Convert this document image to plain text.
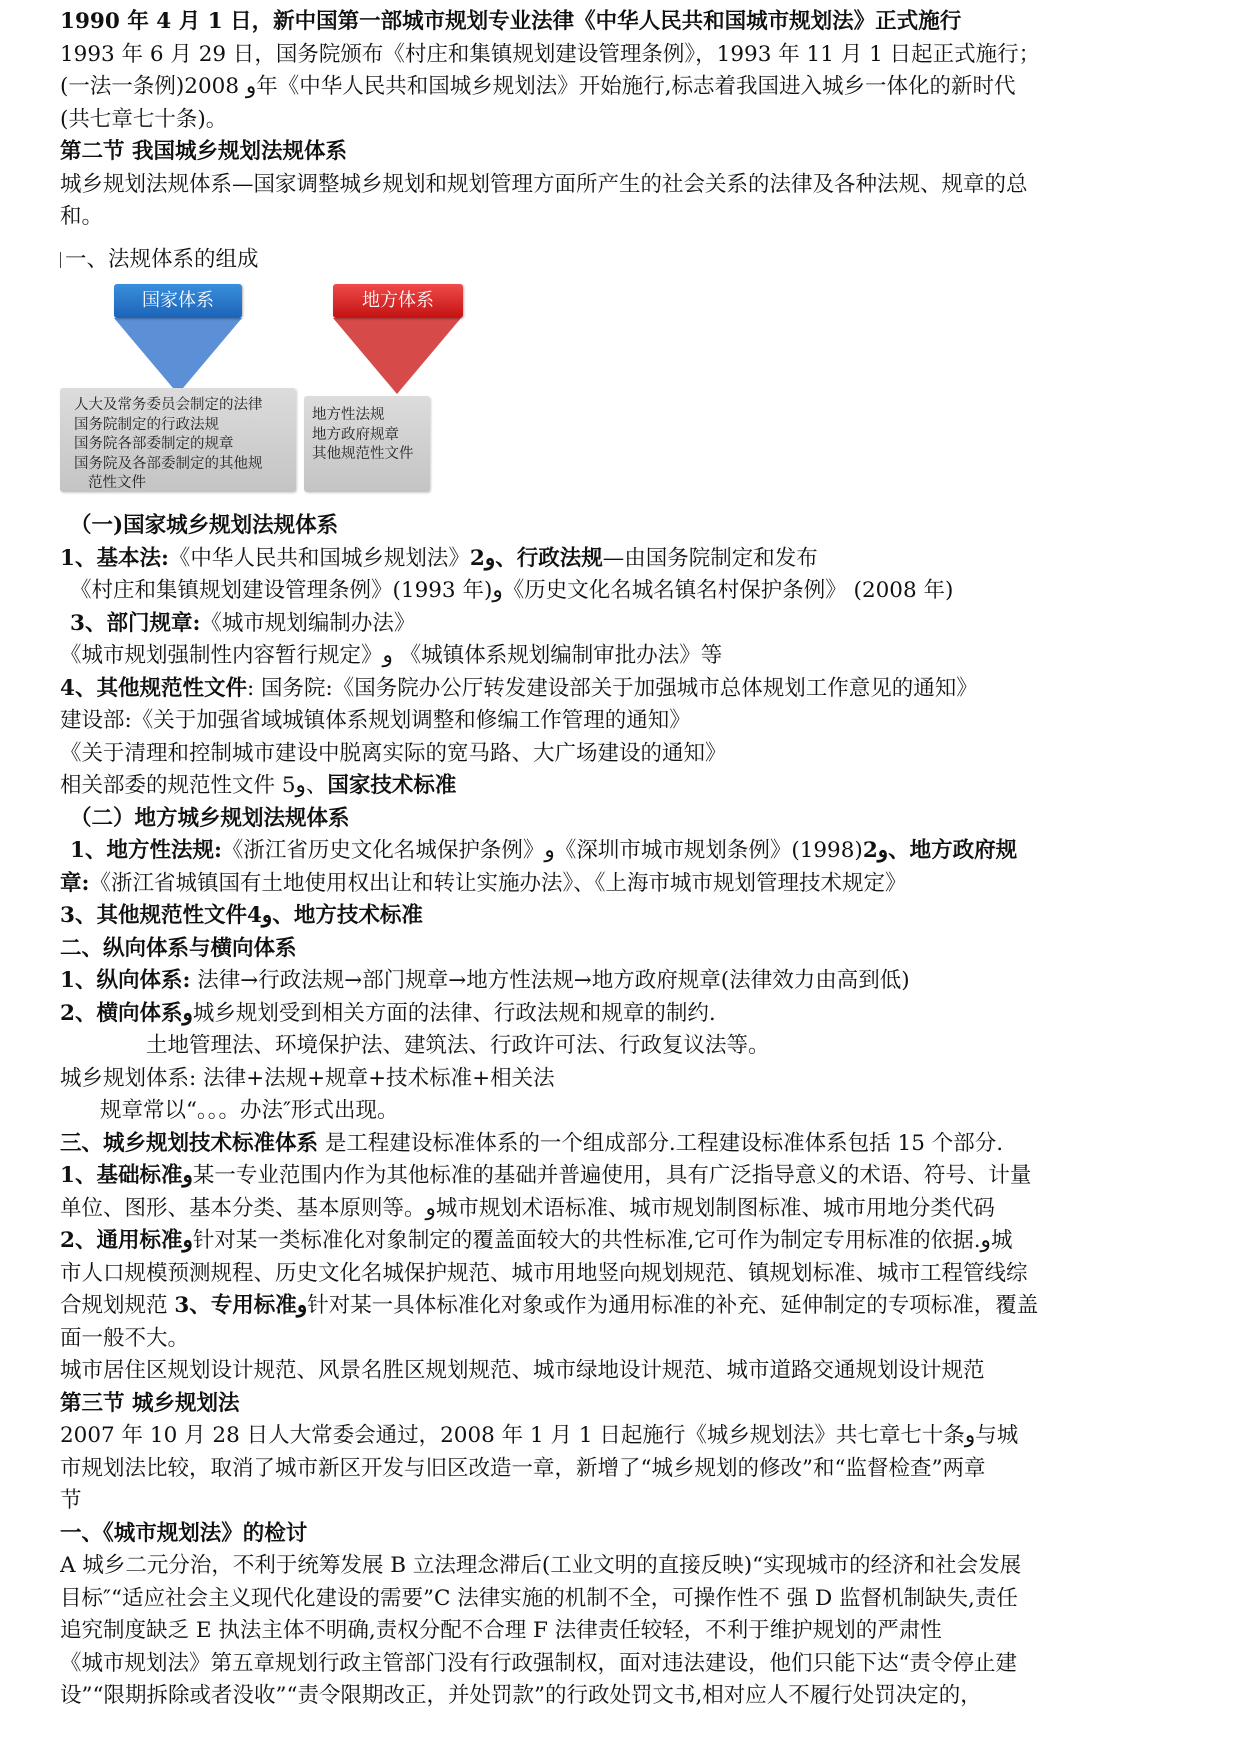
1990 年 4 月 1 日，新中国第一部城市规划专业法律《中华人民共和国城市规划法》正式施行
1993 年 6 月 29 日，国务院颁布《村庄和集镇规划建设管理条例》，1993 年 11 月 1 日起正式施行；
(一法一条例)2008 ﻭ年《中华人民共和国城乡规划法》开始施行,标志着我国进入城乡一体化的新时代
(共七章七十条)。
第二节 我国城乡规划法规体系
城乡规划法规体系—国家调整城乡规划和规划管理方面所产生的社会关系的法律及各种法规、规章的总
和。
一、法规体系的组成
国家体系	地方体系
人大及常务委员会制定的法律
国务院制定的行政法规
国务院各部委制定的规章
国务院及各部委制定的其他规
范性文件
地方性法规
地方政府规章
其他规范性文件
（一)国家城乡规划法规体系
1、基本法:《中华人民共和国城乡规划法》2ﻭ、行政法规—由国务院制定和发布
《村庄和集镇规划建设管理条例》(1993 年)ﻭ《历史文化名城名镇名村保护条例》 (2008 年)
3、部门规章:《城市规划编制办法》
《城市规划强制性内容暂行规定》ﻭ 《城镇体系规划编制审批办法》等
4、其他规范性文件: 国务院:《国务院办公厅转发建设部关于加强城市总体规划工作意见的通知》
建设部:《关于加强省域城镇体系规划调整和修编工作管理的通知》
《关于清理和控制城市建设中脱离实际的宽马路、大广场建设的通知》
相关部委的规范性文件 5ﻭ、国家技术标准
（二）地方城乡规划法规体系
1、地方性法规:《浙江省历史文化名城保护条例》ﻭ《深圳市城市规划条例》(1998)2ﻭ、地方政府规
章:《浙江省城镇国有土地使用权出让和转让实施办法》、《上海市城市规划管理技术规定》
3、其他规范性文件4ﻭ、地方技术标准
二、纵向体系与横向体系
1、纵向体系: 法律→行政法规→部门规章→地方性法规→地方政府规章(法律效力由高到低)
2、横向体系ﻭ城乡规划受到相关方面的法律、行政法规和规章的制约.
土地管理法、环境保护法、建筑法、行政许可法、行政复议法等。
城乡规划体系: 法律+法规+规章+技术标准+相关法
规章常以“。。。办法″形式出现。
三、城乡规划技术标准体系 是工程建设标准体系的一个组成部分.工程建设标准体系包括 15 个部分.
1、基础标准ﻭ某一专业范围内作为其他标准的基础并普遍使用，具有广泛指导意义的术语、符号、计量
单位、图形、基本分类、基本原则等。ﻭ城市规划术语标准、城市规划制图标准、城市用地分类代码
2、通用标准ﻭ针对某一类标准化对象制定的覆盖面较大的共性标准,它可作为制定专用标准的依据.ﻭ城
市人口规模预测规程、历史文化名城保护规范、城市用地竖向规划规范、镇规划标准、城市工程管线综
合规划规范 3、专用标准ﻭ针对某一具体标准化对象或作为通用标准的补充、延伸制定的专项标准，覆盖
面一般不大。
城市居住区规划设计规范、风景名胜区规划规范、城市绿地设计规范、城市道路交通规划设计规范
第三节 城乡规划法
2007 年 10 月 28 日人大常委会通过，2008 年 1 月 1 日起施行《城乡规划法》共七章七十条ﻭ与城
市规划法比较，取消了城市新区开发与旧区改造一章，新增了“城乡规划的修改”和“监督检查”两章
节
一、《城市规划法》的检讨
A 城乡二元分治，不利于统筹发展 B 立法理念滞后(工业文明的直接反映)“实现城市的经济和社会发展
目标″“适应社会主义现代化建设的需要”C 法律实施的机制不全，可操作性不 强 D 监督机制缺失,责任
追究制度缺乏 E 执法主体不明确,责权分配不合理 F 法律责任较轻，不利于维护规划的严肃性
《城市规划法》第五章规划行政主管部门没有行政强制权，面对违法建设，他们只能下达“责令停止建
设”“限期拆除或者没收”“责令限期改正，并处罚款”的行政处罚文书,相对应人不履行处罚决定的，
